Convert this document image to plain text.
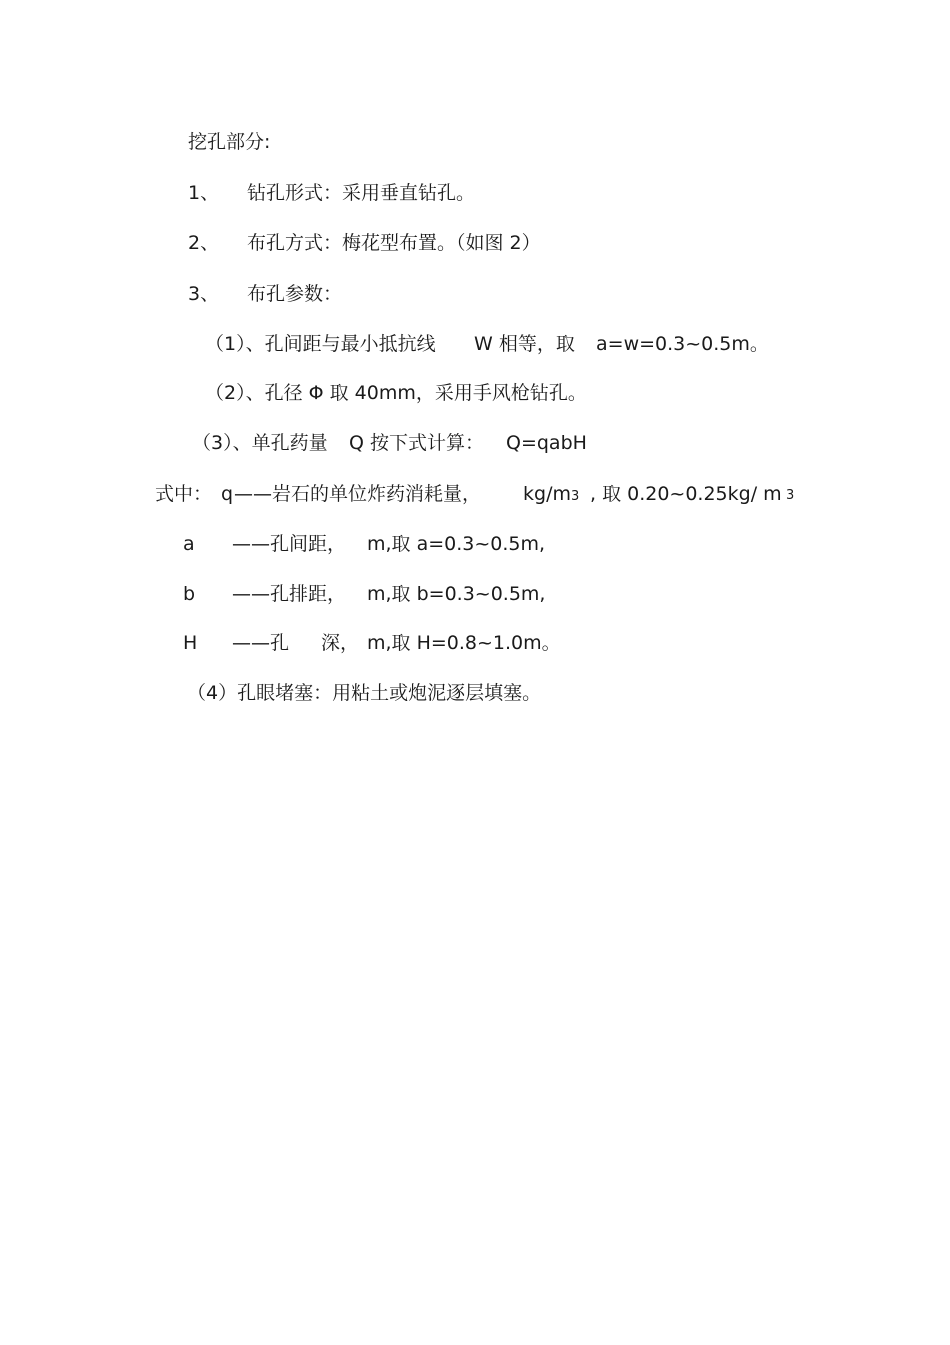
挖孔部分:
1、 钻孔形式：采用垂直钻孔。
2、 布孔方式：梅花型布置。（如图 2）
3、 布孔参数：
（1）、孔间距与最小抵抗线 W 相等，取 a=w=0.3~0.5m。
（2）、孔径 Φ 取 40mm，采用手风枪钻孔。
（3）、单孔药量 Q 按下式计算： Q=qabH
式中： q ——岩石的单位炸药消耗量， kg/m3 , 取 0.20~0.25kg/ m 3
a ——孔间距， m,取 a=0.3~0.5m,
b ——孔排距， m,取 b=0.3~0.5m,
H ——孔 深， m,取 H=0.8~1.0m。
（4）孔眼堵塞：用粘土或炮泥逐层填塞。
